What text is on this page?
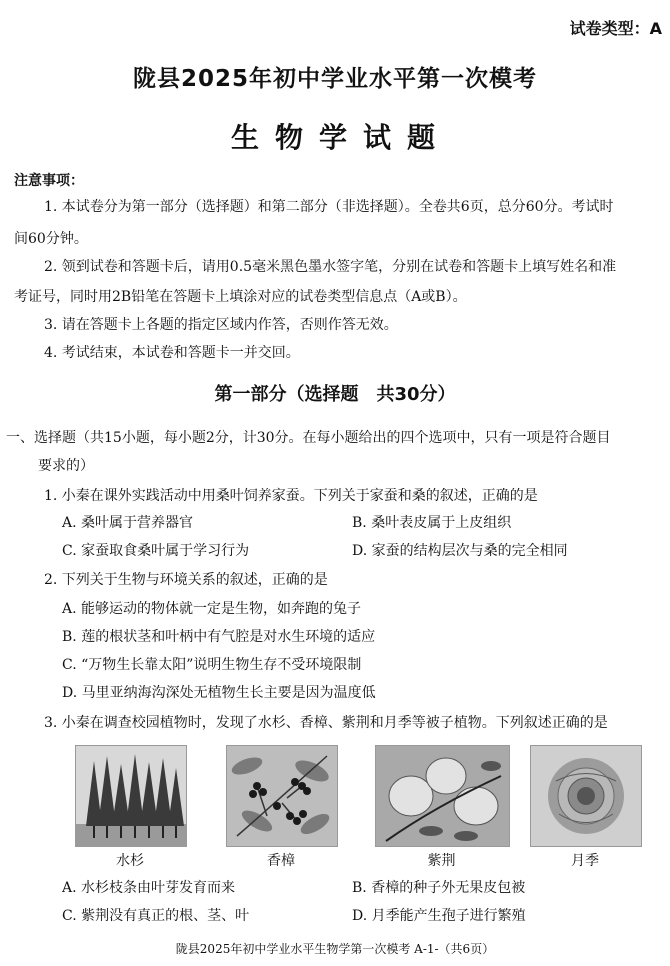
试卷类型：A
陇县2025年初中学业水平第一次模考
生物学试题
注意事项：
1. 本试卷分为第一部分（选择题）和第二部分（非选择题）。全卷共6页，总分60分。考试时
间60分钟。
2. 领到试卷和答题卡后，请用0.5毫米黑色墨水签字笔，分别在试卷和答题卡上填写姓名和准
考证号，同时用2B铅笔在答题卡上填涂对应的试卷类型信息点（A或B）。
3. 请在答题卡上各题的指定区域内作答，否则作答无效。
4. 考试结束，本试卷和答题卡一并交回。
第一部分（选择题　共30分）
一、选择题（共15小题，每小题2分，计30分。在每小题给出的四个选项中，只有一项是符合题目
要求的）
1. 小秦在课外实践活动中用桑叶饲养家蚕。下列关于家蚕和桑的叙述，正确的是
A. 桑叶属于营养器官	B. 桑叶表皮属于上皮组织
C. 家蚕取食桑叶属于学习行为	D. 家蚕的结构层次与桑的完全相同
2. 下列关于生物与环境关系的叙述，正确的是
A. 能够运动的物体就一定是生物，如奔跑的兔子
B. 莲的根状茎和叶柄中有气腔是对水生环境的适应
C. “万物生长靠太阳”说明生物生存不受环境限制
D. 马里亚纳海沟深处无植物生长主要是因为温度低
3. 小秦在调查校园植物时，发现了水杉、香樟、紫荆和月季等被子植物。下列叙述正确的是
水杉	香樟	紫荆	月季
A. 水杉枝条由叶芽发育而来	B. 香樟的种子外无果皮包被
C. 紫荆没有真正的根、茎、叶	D. 月季能产生孢子进行繁殖
陇县2025年初中学业水平生物学第一次模考 A-1-（共6页）
